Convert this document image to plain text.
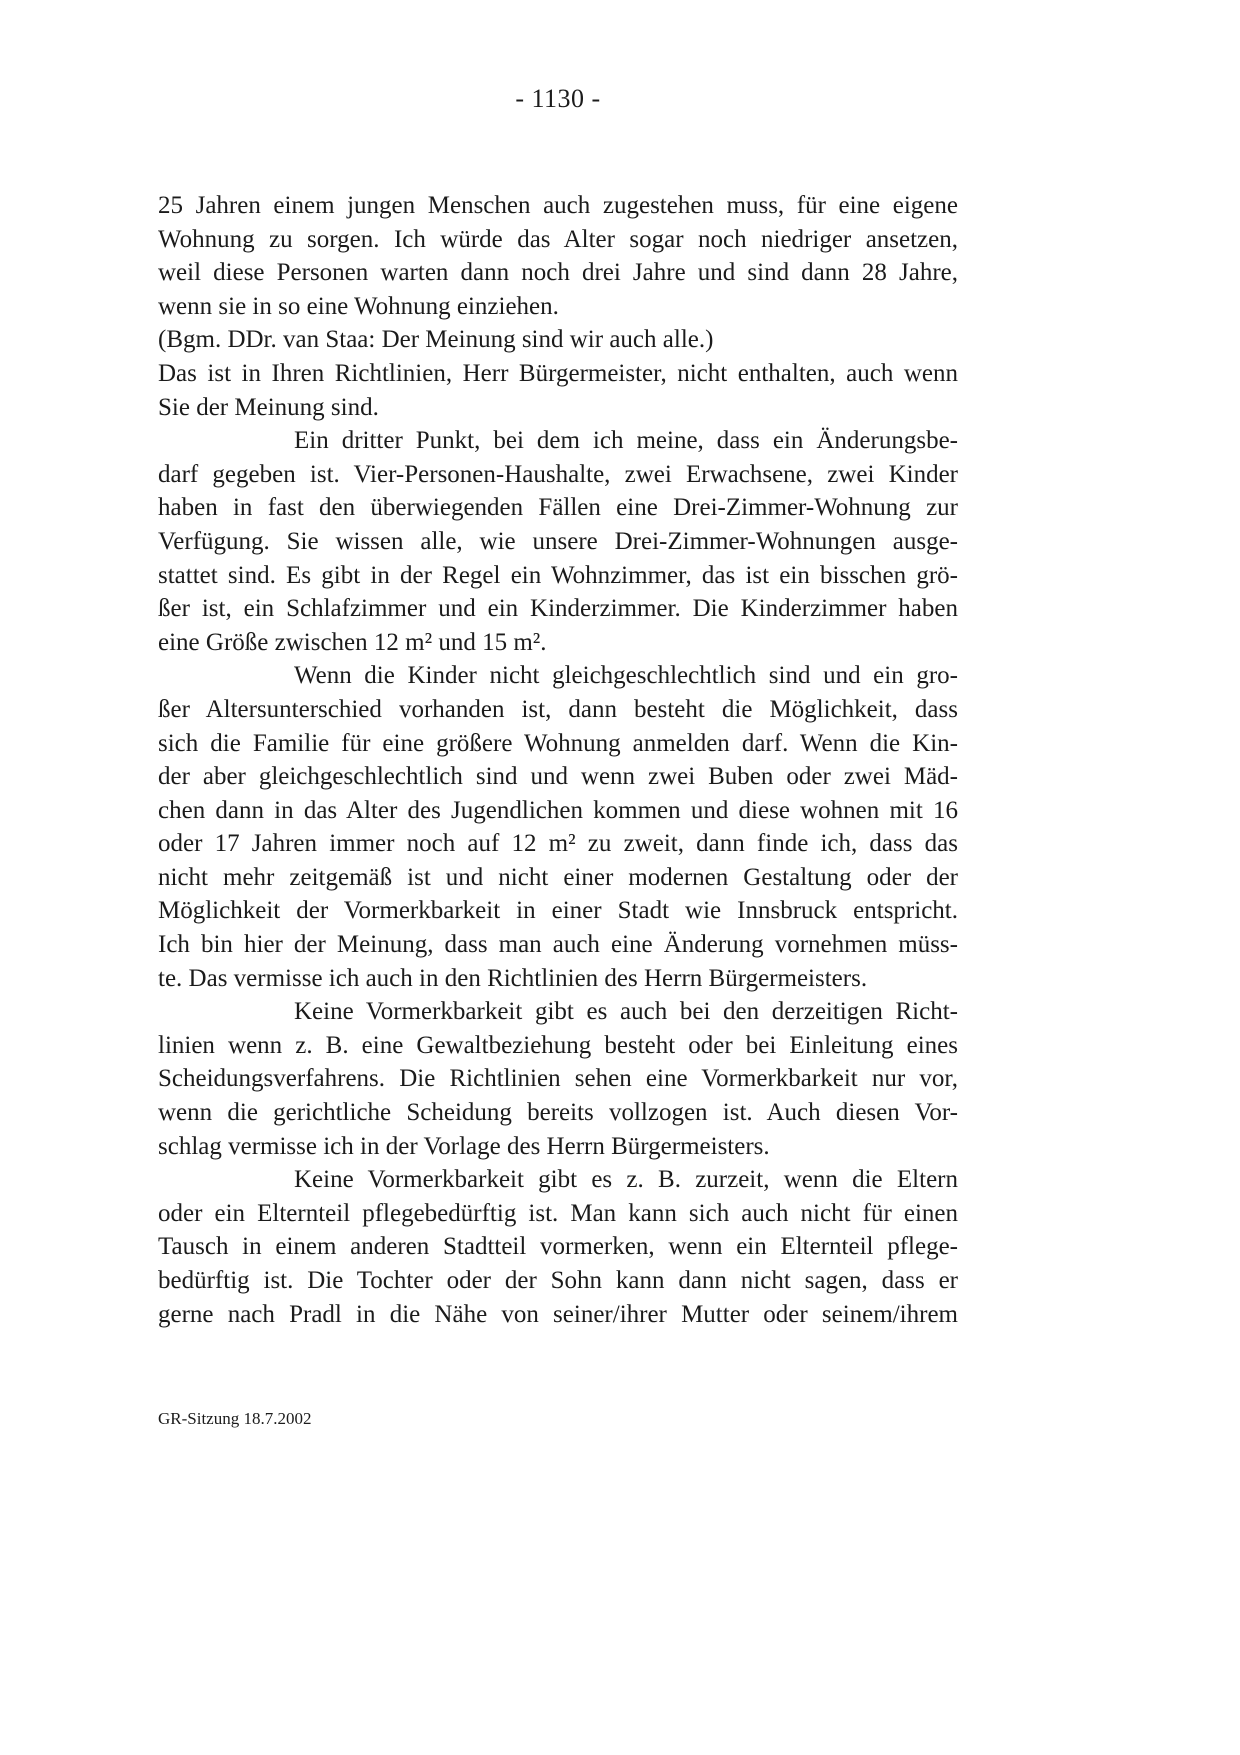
- 1130 -
25 Jahren einem jungen Menschen auch zugestehen muss, für eine eigene
Wohnung zu sorgen. Ich würde das Alter sogar noch niedriger ansetzen,
weil diese Personen warten dann noch drei Jahre und sind dann 28 Jahre,
wenn sie in so eine Wohnung einziehen.
(Bgm. DDr. van Staa: Der Meinung sind wir auch alle.)
Das ist in Ihren Richtlinien, Herr Bürgermeister, nicht enthalten, auch wenn
Sie der Meinung sind.
Ein dritter Punkt, bei dem ich meine, dass ein Änderungsbe-
darf gegeben ist. Vier-Personen-Haushalte, zwei Erwachsene, zwei Kinder
haben in fast den überwiegenden Fällen eine Drei-Zimmer-Wohnung zur
Verfügung. Sie wissen alle, wie unsere Drei-Zimmer-Wohnungen ausge-
stattet sind. Es gibt in der Regel ein Wohnzimmer, das ist ein bisschen grö-
ßer ist, ein Schlafzimmer und ein Kinderzimmer. Die Kinderzimmer haben
eine Größe zwischen 12 m² und 15 m².
Wenn die Kinder nicht gleichgeschlechtlich sind und ein gro-
ßer Altersunterschied vorhanden ist, dann besteht die Möglichkeit, dass
sich die Familie für eine größere Wohnung anmelden darf. Wenn die Kin-
der aber gleichgeschlechtlich sind und wenn zwei Buben oder zwei Mäd-
chen dann in das Alter des Jugendlichen kommen und diese wohnen mit 16
oder 17 Jahren immer noch auf 12 m² zu zweit, dann finde ich, dass das
nicht mehr zeitgemäß ist und nicht einer modernen Gestaltung oder der
Möglichkeit der Vormerkbarkeit in einer Stadt wie Innsbruck entspricht.
Ich bin hier der Meinung, dass man auch eine Änderung vornehmen müss-
te. Das vermisse ich auch in den Richtlinien des Herrn Bürgermeisters.
Keine Vormerkbarkeit gibt es auch bei den derzeitigen Richt-
linien wenn z. B. eine Gewaltbeziehung besteht oder bei Einleitung eines
Scheidungsverfahrens. Die Richtlinien sehen eine Vormerkbarkeit nur vor,
wenn die gerichtliche Scheidung bereits vollzogen ist. Auch diesen Vor-
schlag vermisse ich in der Vorlage des Herrn Bürgermeisters.
Keine Vormerkbarkeit gibt es z. B. zurzeit, wenn die Eltern
oder ein Elternteil pflegebedürftig ist. Man kann sich auch nicht für einen
Tausch in einem anderen Stadtteil vormerken, wenn ein Elternteil pflege-
bedürftig ist. Die Tochter oder der Sohn kann dann nicht sagen, dass er
gerne nach Pradl in die Nähe von seiner/ihrer Mutter oder seinem/ihrem
GR-Sitzung 18.7.2002
